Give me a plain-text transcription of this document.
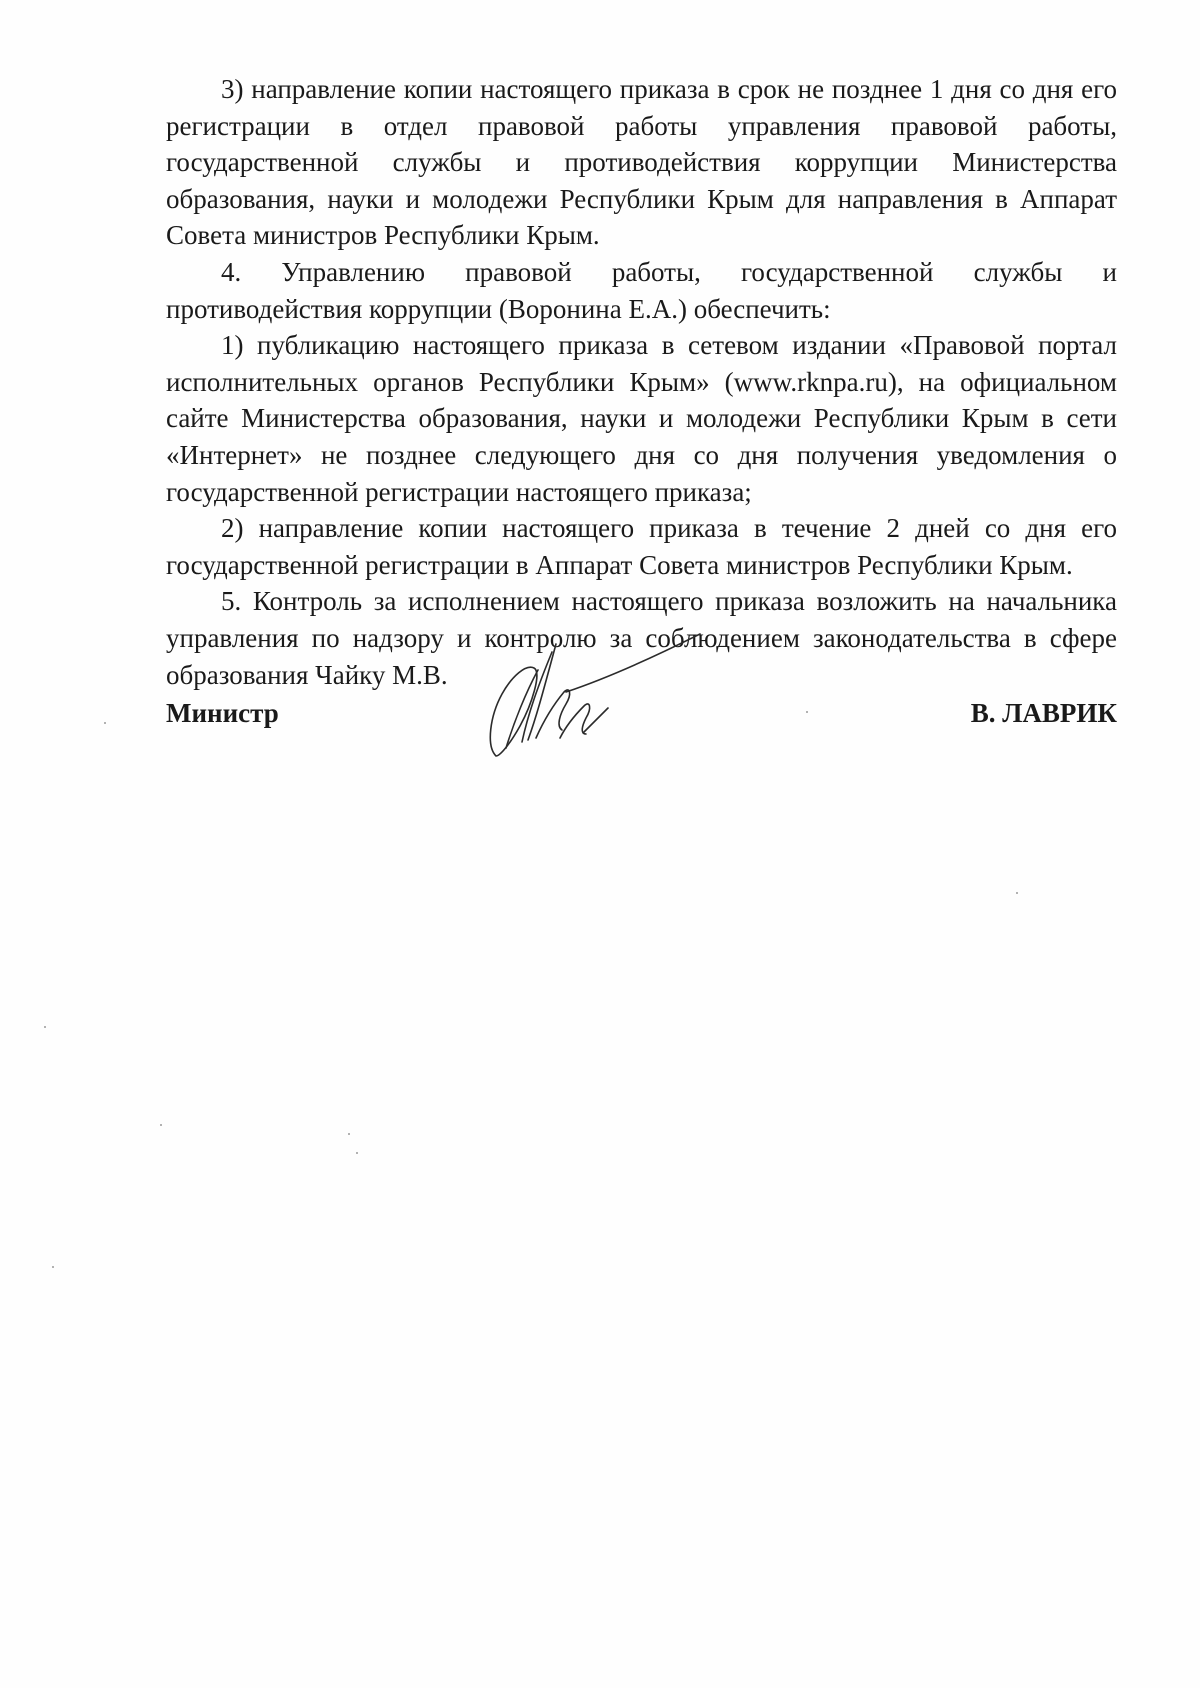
3) направление копии настоящего приказа в срок не позднее 1 дня со дня его регистрации в отдел правовой работы управления правовой работы, государственной службы и противодействия коррупции Министерства образования, науки и молодежи Республики Крым для направления в Аппарат Совета министров Республики Крым.

4. Управлению правовой работы, государственной службы и противодействия коррупции (Воронина Е.А.) обеспечить:

1) публикацию настоящего приказа в сетевом издании «Правовой портал исполнительных органов Республики Крым» (www.rknpa.ru), на официальном сайте Министерства образования, науки и молодежи Республики Крым в сети «Интернет» не позднее следующего дня со дня получения уведомления о государственной регистрации настоящего приказа;

2) направление копии настоящего приказа в течение 2 дней со дня его государственной регистрации в Аппарат Совета министров Республики Крым.

5. Контроль за исполнением настоящего приказа возложить на начальника управления по надзору и контролю за соблюдением законодательства в сфере образования Чайку М.В.

Министр	В. ЛАВРИК
